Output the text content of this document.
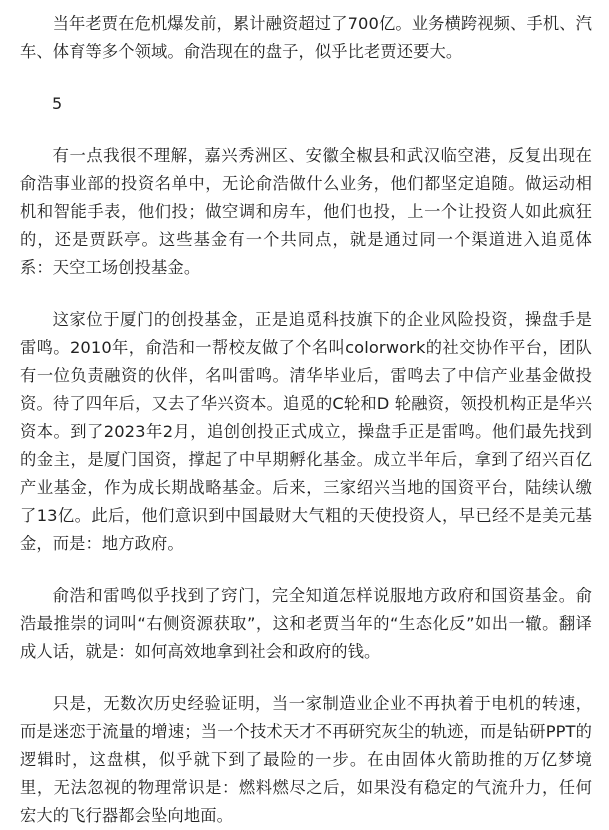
当年老贾在危机爆发前，累计融资超过了700亿。业务横跨视频、手机、汽车、体育等多个领域。俞浩现在的盘子，似乎比老贾还要大。

5

有一点我很不理解，嘉兴秀洲区、安徽全椒县和武汉临空港，反复出现在俞浩事业部的投资名单中，无论俞浩做什么业务，他们都坚定追随。做运动相机和智能手表，他们投；做空调和房车，他们也投，上一个让投资人如此疯狂的，还是贾跃亭。这些基金有一个共同点，就是通过同一个渠道进入追觅体系：天空工场创投基金。

这家位于厦门的创投基金，正是追觅科技旗下的企业风险投资，操盘手是雷鸣。2010年，俞浩和一帮校友做了个名叫colorwork的社交协作平台，团队有一位负责融资的伙伴，名叫雷鸣。清华毕业后，雷鸣去了中信产业基金做投资。待了四年后，又去了华兴资本。追觅的C轮和D 轮融资，领投机构正是华兴资本。到了2023年2月，追创创投正式成立，操盘手正是雷鸣。他们最先找到的金主，是厦门国资，撑起了中早期孵化基金。成立半年后，拿到了绍兴百亿产业基金，作为成长期战略基金。后来，三家绍兴当地的国资平台，陆续认缴了13亿。此后，他们意识到中国最财大气粗的天使投资人，早已经不是美元基金，而是：地方政府。

俞浩和雷鸣似乎找到了窍门，完全知道怎样说服地方政府和国资基金。俞浩最推崇的词叫“右侧资源获取”，这和老贾当年的“生态化反”如出一辙。翻译成人话，就是：如何高效地拿到社会和政府的钱。

只是，无数次历史经验证明，当一家制造业企业不再执着于电机的转速，而是迷恋于流量的增速；当一个技术天才不再研究灰尘的轨迹，而是钻研PPT的逻辑时，这盘棋，似乎就下到了最险的一步。在由固体火箭助推的万亿梦境里，无法忽视的物理常识是：燃料燃尽之后，如果没有稳定的气流升力，任何宏大的飞行器都会坠向地面。
